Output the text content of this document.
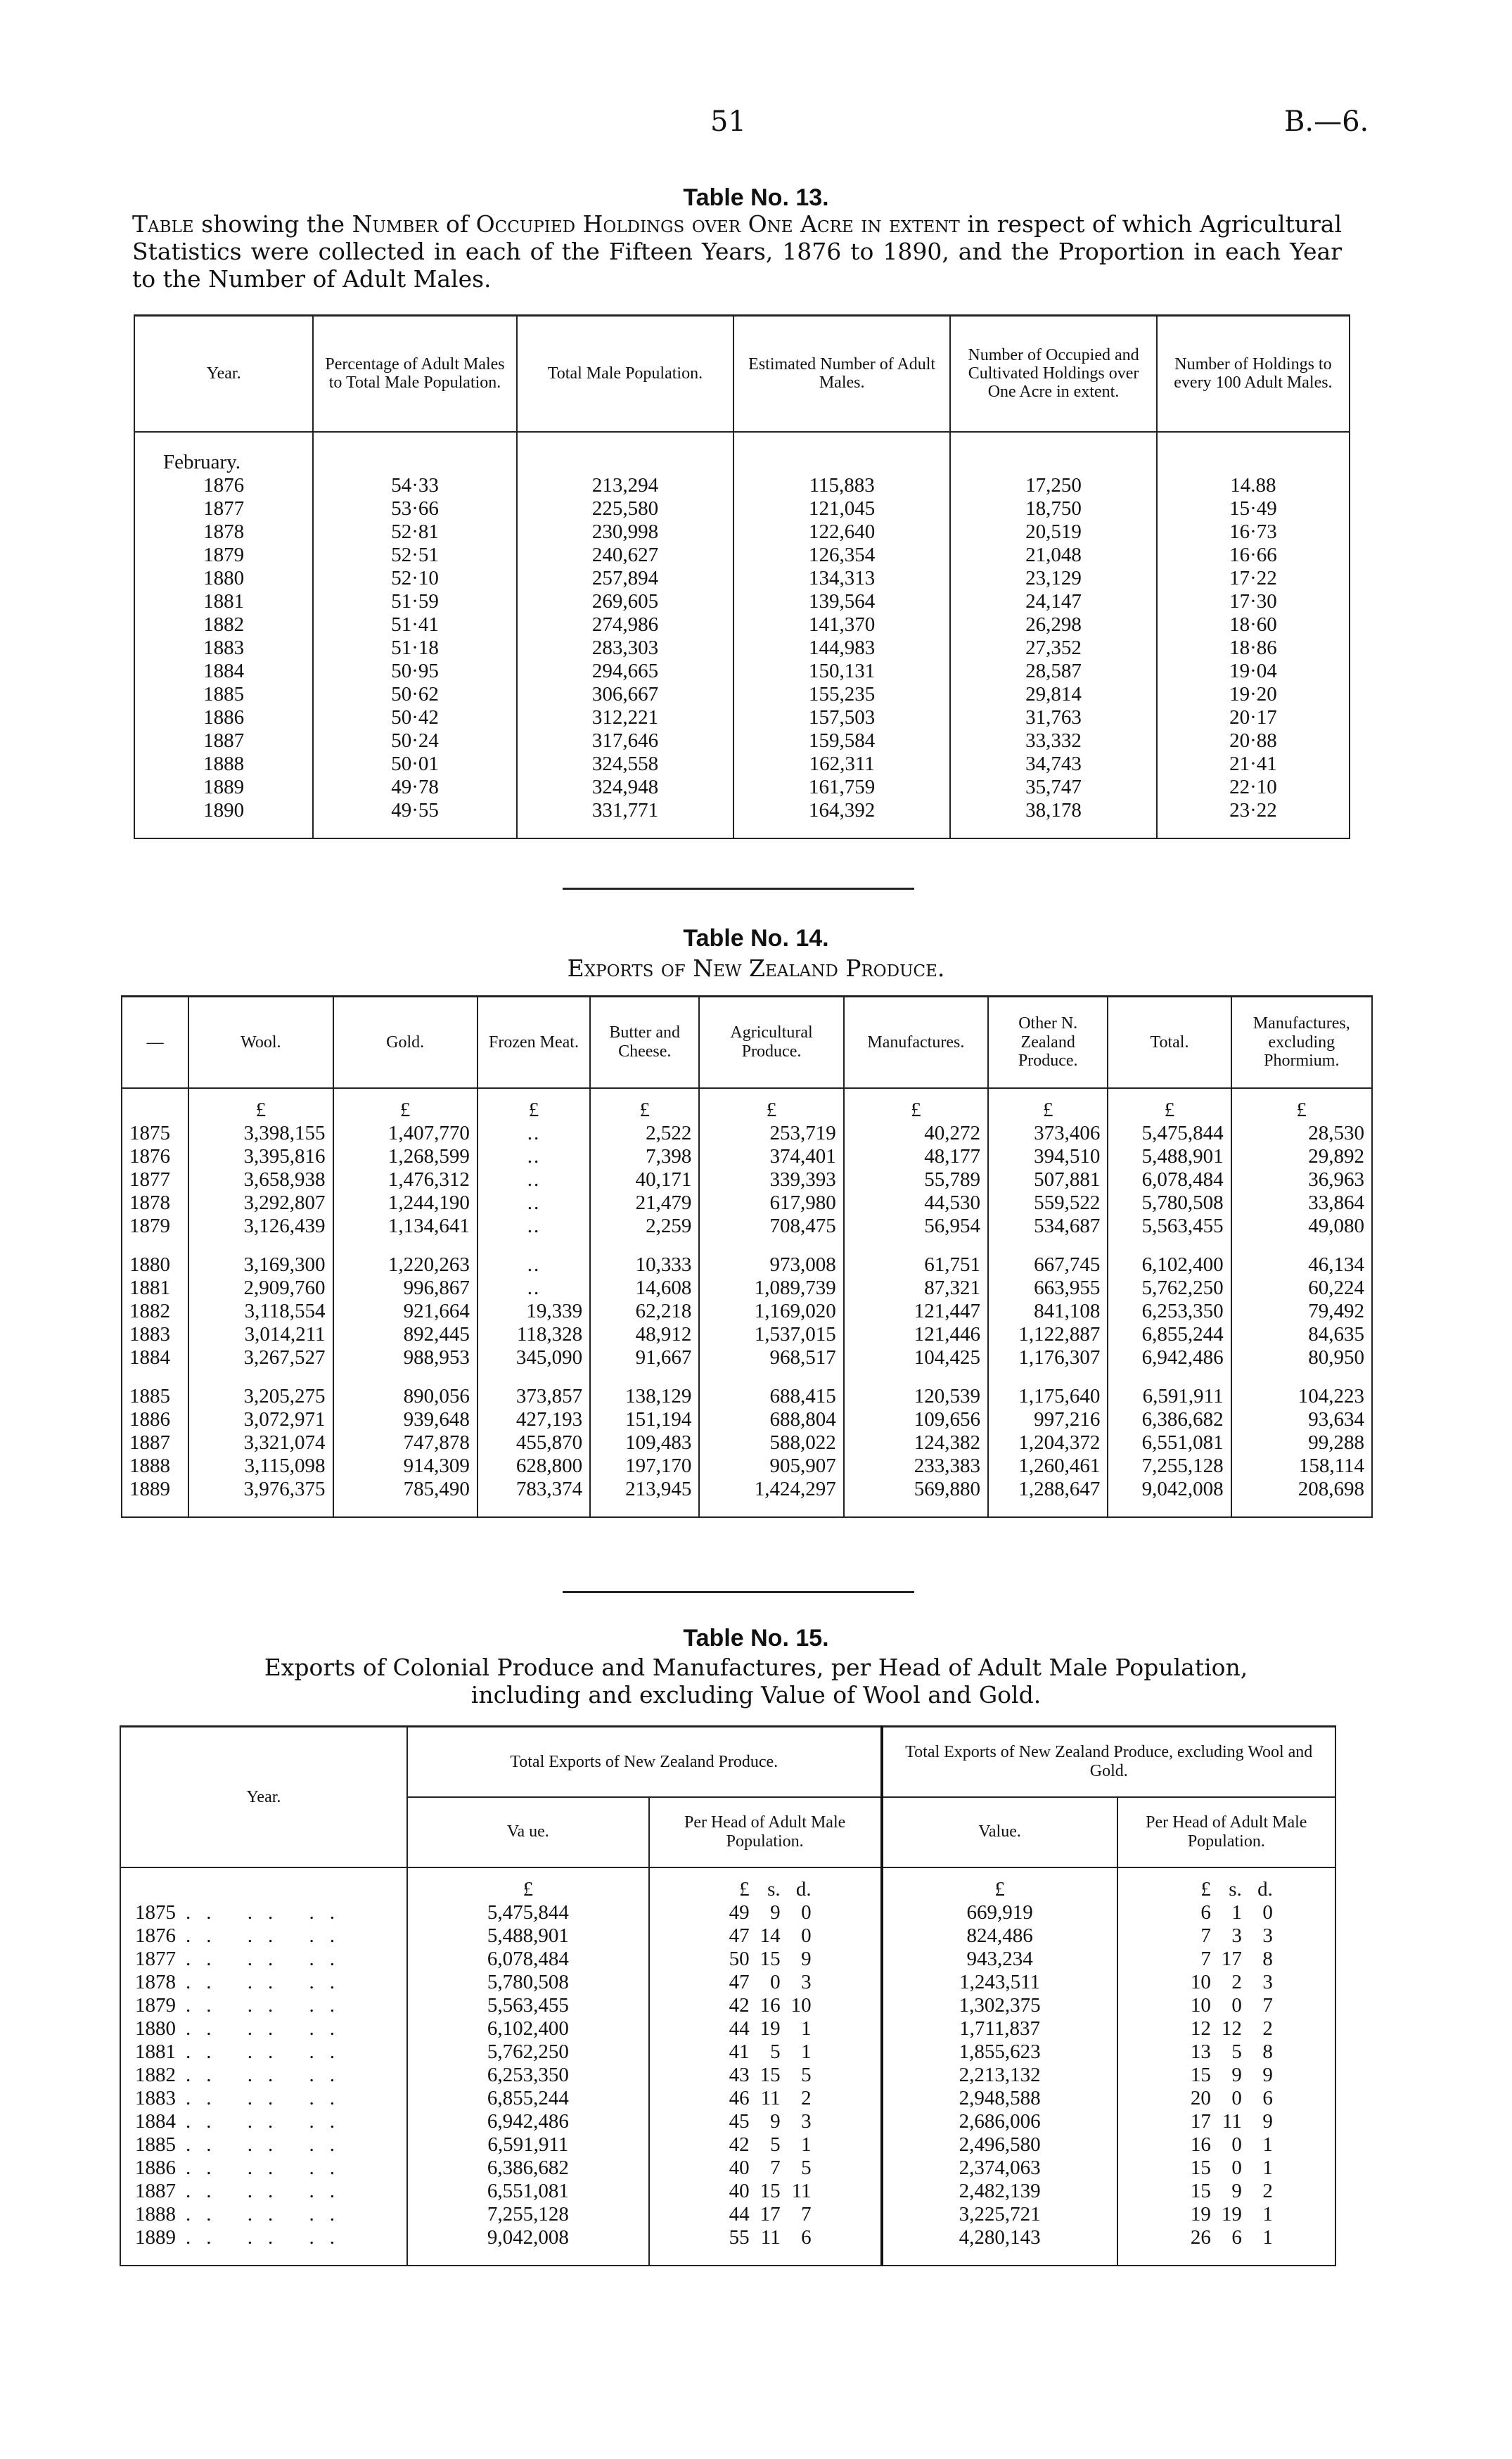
51	B.—6.
Table No. 13.
Table showing the Number of Occupied Holdings over One Acre in extent in respect of which Agricultural Statistics were collected in each of the Fifteen Years, 1876 to 1890, and the Proportion in each Year to the Number of Adult Males.
Year.	Percentage of Adult Males to Total Male Population.	Total Male Population.	Estimated Number of Adult Males.	Number of Occupied and Cultivated Holdings over One Acre in extent.	Number of Holdings to every 100 Adult Males.
February.					
1876	54·33	213,294	115,883	17,250	14.88
1877	53·66	225,580	121,045	18,750	15·49
1878	52·81	230,998	122,640	20,519	16·73
1879	52·51	240,627	126,354	21,048	16·66
1880	52·10	257,894	134,313	23,129	17·22
1881	51·59	269,605	139,564	24,147	17·30
1882	51·41	274,986	141,370	26,298	18·60
1883	51·18	283,303	144,983	27,352	18·86
1884	50·95	294,665	150,131	28,587	19·04
1885	50·62	306,667	155,235	29,814	19·20
1886	50·42	312,221	157,503	31,763	20·17
1887	50·24	317,646	159,584	33,332	20·88
1888	50·01	324,558	162,311	34,743	21·41
1889	49·78	324,948	161,759	35,747	22·10
1890	49·55	331,771	164,392	38,178	23·22

Table No. 14.
Exports of New Zealand Produce.
—	Wool.	Gold.	Frozen Meat.	Butter and Cheese.	Agricultural Produce.	Manufactures.	Other N. Zealand Produce.	Total.	Manufactures, excluding Phormium.
	£	£	£	£	£	£	£	£	£
1875	3,398,155	1,407,770	..	2,522	253,719	40,272	373,406	5,475,844	28,530
1876	3,395,816	1,268,599	..	7,398	374,401	48,177	394,510	5,488,901	29,892
1877	3,658,938	1,476,312	..	40,171	339,393	55,789	507,881	6,078,484	36,963
1878	3,292,807	1,244,190	..	21,479	617,980	44,530	559,522	5,780,508	33,864
1879	3,126,439	1,134,641	..	2,259	708,475	56,954	534,687	5,563,455	49,080

1880	3,169,300	1,220,263	..	10,333	973,008	61,751	667,745	6,102,400	46,134
1881	2,909,760	996,867	..	14,608	1,089,739	87,321	663,955	5,762,250	60,224
1882	3,118,554	921,664	19,339	62,218	1,169,020	121,447	841,108	6,253,350	79,492
1883	3,014,211	892,445	118,328	48,912	1,537,015	121,446	1,122,887	6,855,244	84,635
1884	3,267,527	988,953	345,090	91,667	968,517	104,425	1,176,307	6,942,486	80,950

1885	3,205,275	890,056	373,857	138,129	688,415	120,539	1,175,640	6,591,911	104,223
1886	3,072,971	939,648	427,193	151,194	688,804	109,656	997,216	6,386,682	93,634
1887	3,321,074	747,878	455,870	109,483	588,022	124,382	1,204,372	6,551,081	99,288
1888	3,115,098	914,309	628,800	197,170	905,907	233,383	1,260,461	7,255,128	158,114
1889	3,976,375	785,490	783,374	213,945	1,424,297	569,880	1,288,647	9,042,008	208,698

Table No. 15.
Exports of Colonial Produce and Manufactures, per Head of Adult Male Population,
including and excluding Value of Wool and Gold.
Year.	Total Exports of New Zealand Produce.		Total Exports of New Zealand Produce, excluding Wool and Gold.	
	Va ue.	Per Head of Adult Male Population.	Value.	Per Head of Adult Male Population.
	£	£ s. d.	£	£ s. d.
1875 .. .. ..	5,475,844	49 9 0	669,919	6 1 0
1876 .. .. ..	5,488,901	47 14 0	824,486	7 3 3
1877 .. .. ..	6,078,484	50 15 9	943,234	7 17 8
1878 .. .. ..	5,780,508	47 0 3	1,243,511	10 2 3
1879 .. .. ..	5,563,455	42 16 10	1,302,375	10 0 7
1880 .. .. ..	6,102,400	44 19 1	1,711,837	12 12 2
1881 .. .. ..	5,762,250	41 5 1	1,855,623	13 5 8
1882 .. .. ..	6,253,350	43 15 5	2,213,132	15 9 9
1883 .. .. ..	6,855,244	46 11 2	2,948,588	20 0 6
1884 .. .. ..	6,942,486	45 9 3	2,686,006	17 11 9
1885 .. .. ..	6,591,911	42 5 1	2,496,580	16 0 1
1886 .. .. ..	6,386,682	40 7 5	2,374,063	15 0 1
1887 .. .. ..	6,551,081	40 15 11	2,482,139	15 9 2
1888 .. .. ..	7,255,128	44 17 7	3,225,721	19 19 1
1889 .. .. ..	9,042,008	55 11 6	4,280,143	26 6 1
